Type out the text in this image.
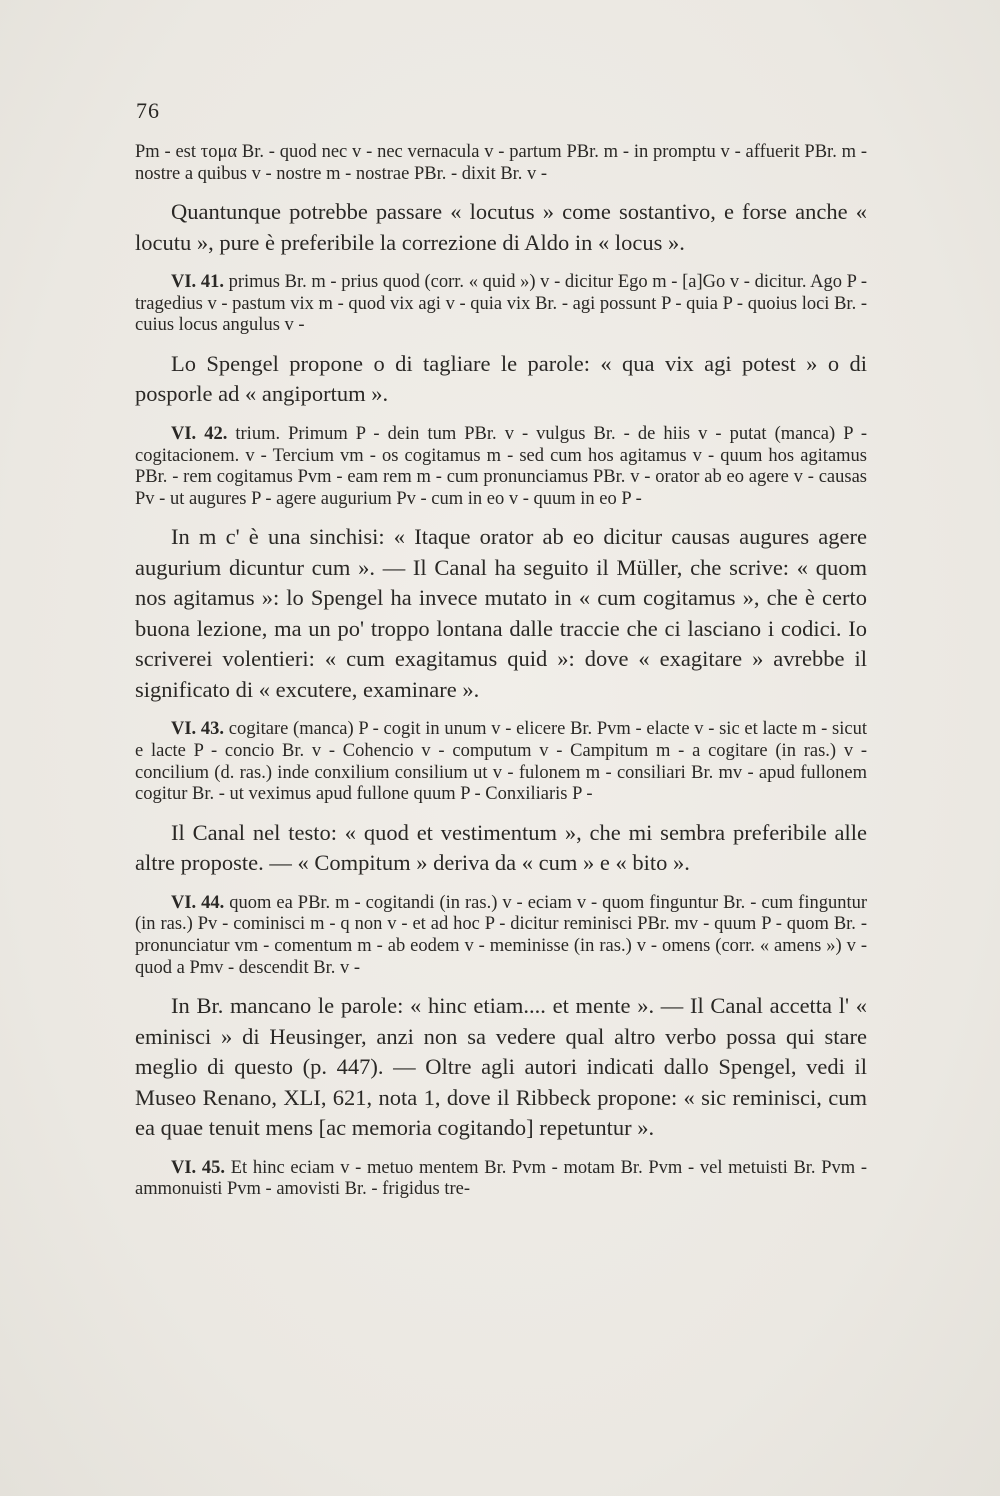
76

Pm - est τομα Br. - quod nec v - nec vernacula v - partum PBr. m - in promptu v - affuerit PBr. m - nostre a quibus v - nostre m - nostrae PBr. - dixit Br. v -

Quantunque potrebbe passare « locutus » come sostantivo, e forse anche « locutu », pure è preferibile la correzione di Aldo in « locus ».

VI. 41. primus Br. m - prius quod (corr. « quid ») v - dicitur Ego m - [a]Go v - dicitur. Ago P - tragedius v - pastum vix m - quod vix agi v - quia vix Br. - agi possunt P - quia P - quoius loci Br. - cuius locus angulus v -

Lo Spengel propone o di tagliare le parole: « qua vix agi potest » o di posporle ad « angiportum ».

VI. 42. trium. Primum P - dein tum PBr. v - vulgus Br. - de hiis v - putat (manca) P - cogitacionem. v - Tercium vm - os cogitamus m - sed cum hos agitamus v - quum hos agitamus PBr. - rem cogitamus Pvm - eam rem m - cum pronunciamus PBr. v - orator ab eo agere v - causas Pv - ut augures P - agere augurium Pv - cum in eo v - quum in eo P -

In m c' è una sinchisi: « Itaque orator ab eo dicitur causas augures agere augurium dicuntur cum ». — Il Canal ha seguito il Müller, che scrive: « quom nos agitamus »: lo Spengel ha invece mutato in « cum cogitamus », che è certo buona lezione, ma un po' troppo lontana dalle traccie che ci lasciano i codici. Io scriverei volentieri: « cum exagitamus quid »: dove « exagitare » avrebbe il significato di « excutere, examinare ».

VI. 43. cogitare (manca) P - cogit in unum v - elicere Br. Pvm - elacte v - sic et lacte m - sicut e lacte P - concio Br. v - Cohencio v - computum v - Campitum m - a cogitare (in ras.) v - concilium (d. ras.) inde conxilium consilium ut v - fulonem m - consiliari Br. mv - apud fullonem cogitur Br. - ut veximus apud fullone quum P - Conxiliaris P -

Il Canal nel testo: « quod et vestimentum », che mi sembra preferibile alle altre proposte. — « Compitum » deriva da « cum » e « bito ».

VI. 44. quom ea PBr. m - cogitandi (in ras.) v - eciam v - quom finguntur Br. - cum finguntur (in ras.) Pv - cominisci m - q non v - et ad hoc P - dicitur reminisci PBr. mv - quum P - quom Br. - pronunciatur vm - comentum m - ab eodem v - meminisse (in ras.) v - omens (corr. « amens ») v - quod a Pmv - descendit Br. v -

In Br. mancano le parole: « hinc etiam.... et mente ». — Il Canal accetta l' « eminisci » di Heusinger, anzi non sa vedere qual altro verbo possa qui stare meglio di questo (p. 447). — Oltre agli autori indicati dallo Spengel, vedi il Museo Renano, XLI, 621, nota 1, dove il Ribbeck propone: « sic reminisci, cum ea quae tenuit mens [ac memoria cogitando] repetuntur ».

VI. 45. Et hinc eciam v - metuo mentem Br. Pvm - motam Br. Pvm - vel metuisti Br. Pvm - ammonuisti Pvm - amovisti Br. - frigidus tre-
